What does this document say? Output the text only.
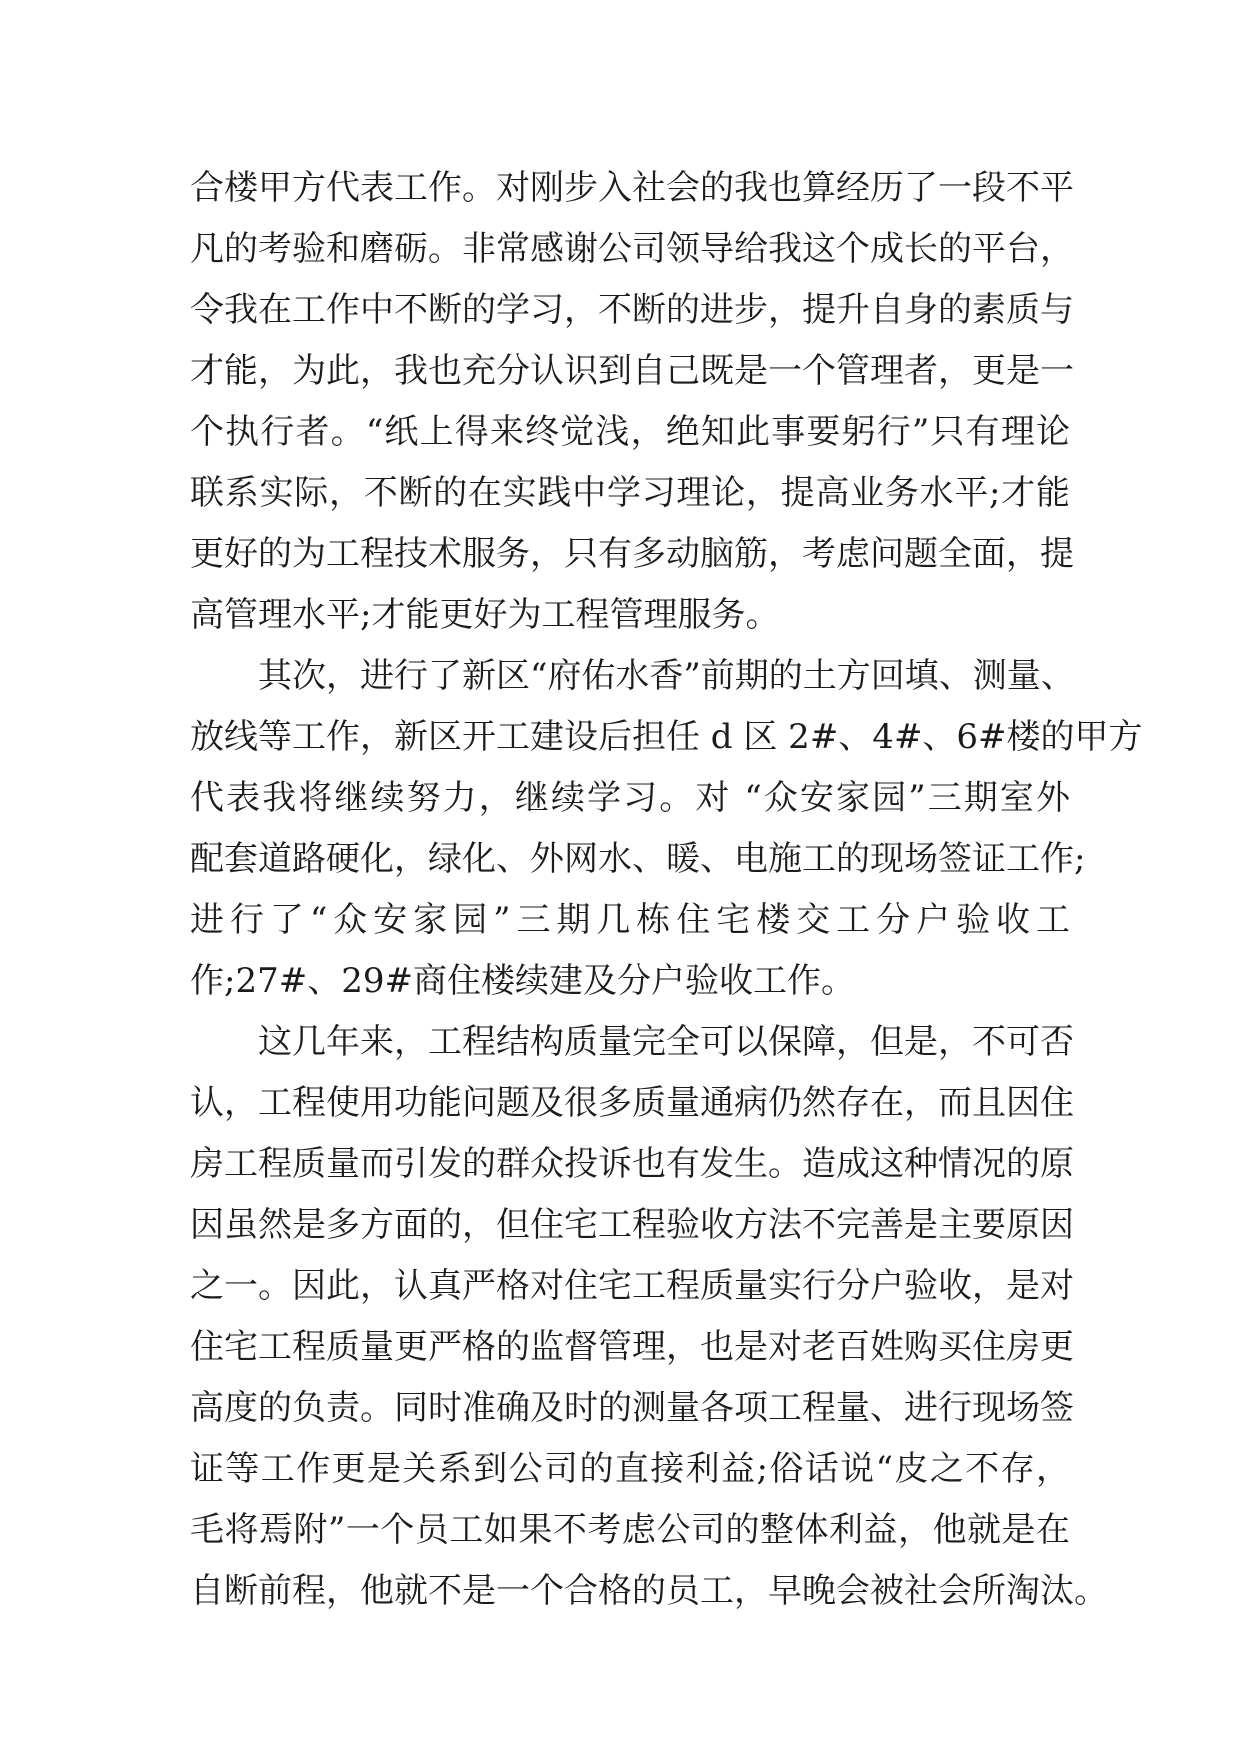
合楼甲方代表工作。对刚步入社会的我也算经历了一段不平
凡的考验和磨砺。非常感谢公司领导给我这个成长的平台，
令我在工作中不断的学习，不断的进步，提升自身的素质与
才能，为此，我也充分认识到自己既是一个管理者，更是一
个执行者。“纸上得来终觉浅，绝知此事要躬行”只有理论
联系实际，不断的在实践中学习理论，提高业务水平;才能
更好的为工程技术服务，只有多动脑筋，考虑问题全面，提
高管理水平;才能更好为工程管理服务。
其次，进行了新区“府佑水香”前期的土方回填、测量、
放线等工作，新区开工建设后担任 d 区 2#、4#、6#楼的甲方
代表我将继续努力，继续学习。对 “众安家园”三期室外
配套道路硬化，绿化、外网水、暖、电施工的现场签证工作;
进行了“众安家园”三期几栋住宅楼交工分户验收工
作;27#、29#商住楼续建及分户验收工作。
这几年来，工程结构质量完全可以保障，但是，不可否
认，工程使用功能问题及很多质量通病仍然存在，而且因住
房工程质量而引发的群众投诉也有发生。造成这种情况的原
因虽然是多方面的，但住宅工程验收方法不完善是主要原因
之一。因此，认真严格对住宅工程质量实行分户验收，是对
住宅工程质量更严格的监督管理，也是对老百姓购买住房更
高度的负责。同时准确及时的测量各项工程量、进行现场签
证等工作更是关系到公司的直接利益;俗话说“皮之不存，
毛将焉附”一个员工如果不考虑公司的整体利益，他就是在
自断前程，他就不是一个合格的员工，早晚会被社会所淘汰。
